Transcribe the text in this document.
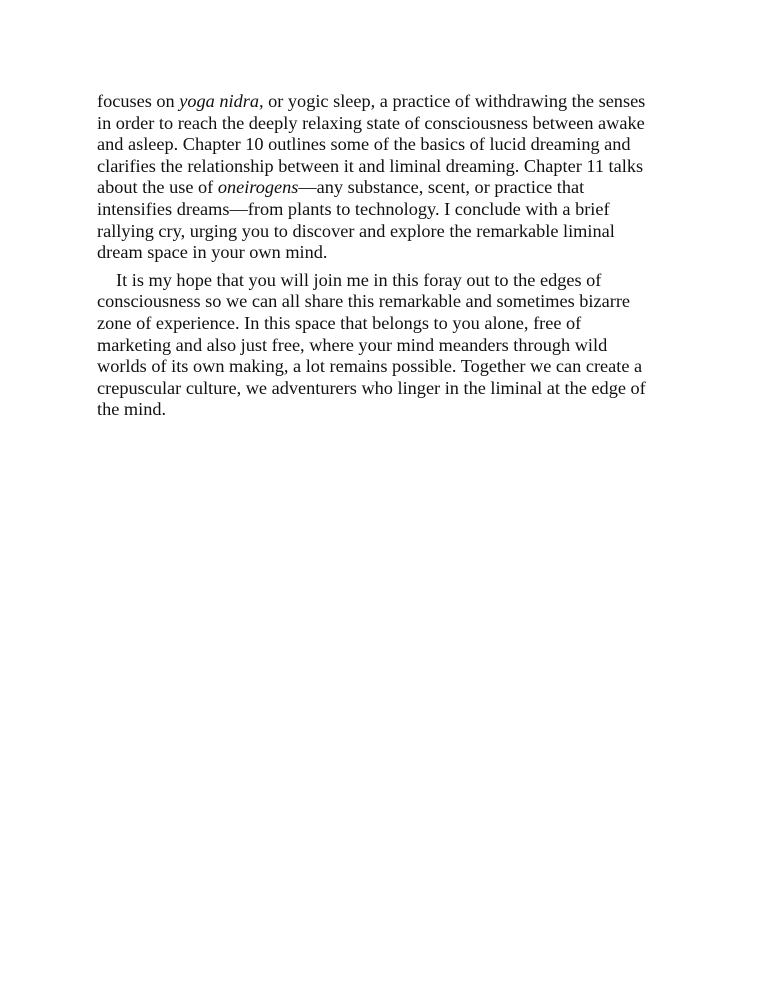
focuses on yoga nidra, or yogic sleep, a practice of withdrawing the senses
in order to reach the deeply relaxing state of consciousness between awake
and asleep. Chapter 10 outlines some of the basics of lucid dreaming and
clarifies the relationship between it and liminal dreaming. Chapter 11 talks
about the use of oneirogens—any substance, scent, or practice that
intensifies dreams—from plants to technology. I conclude with a brief
rallying cry, urging you to discover and explore the remarkable liminal
dream space in your own mind.

It is my hope that you will join me in this foray out to the edges of
consciousness so we can all share this remarkable and sometimes bizarre
zone of experience. In this space that belongs to you alone, free of
marketing and also just free, where your mind meanders through wild
worlds of its own making, a lot remains possible. Together we can create a
crepuscular culture, we adventurers who linger in the liminal at the edge of
the mind.
